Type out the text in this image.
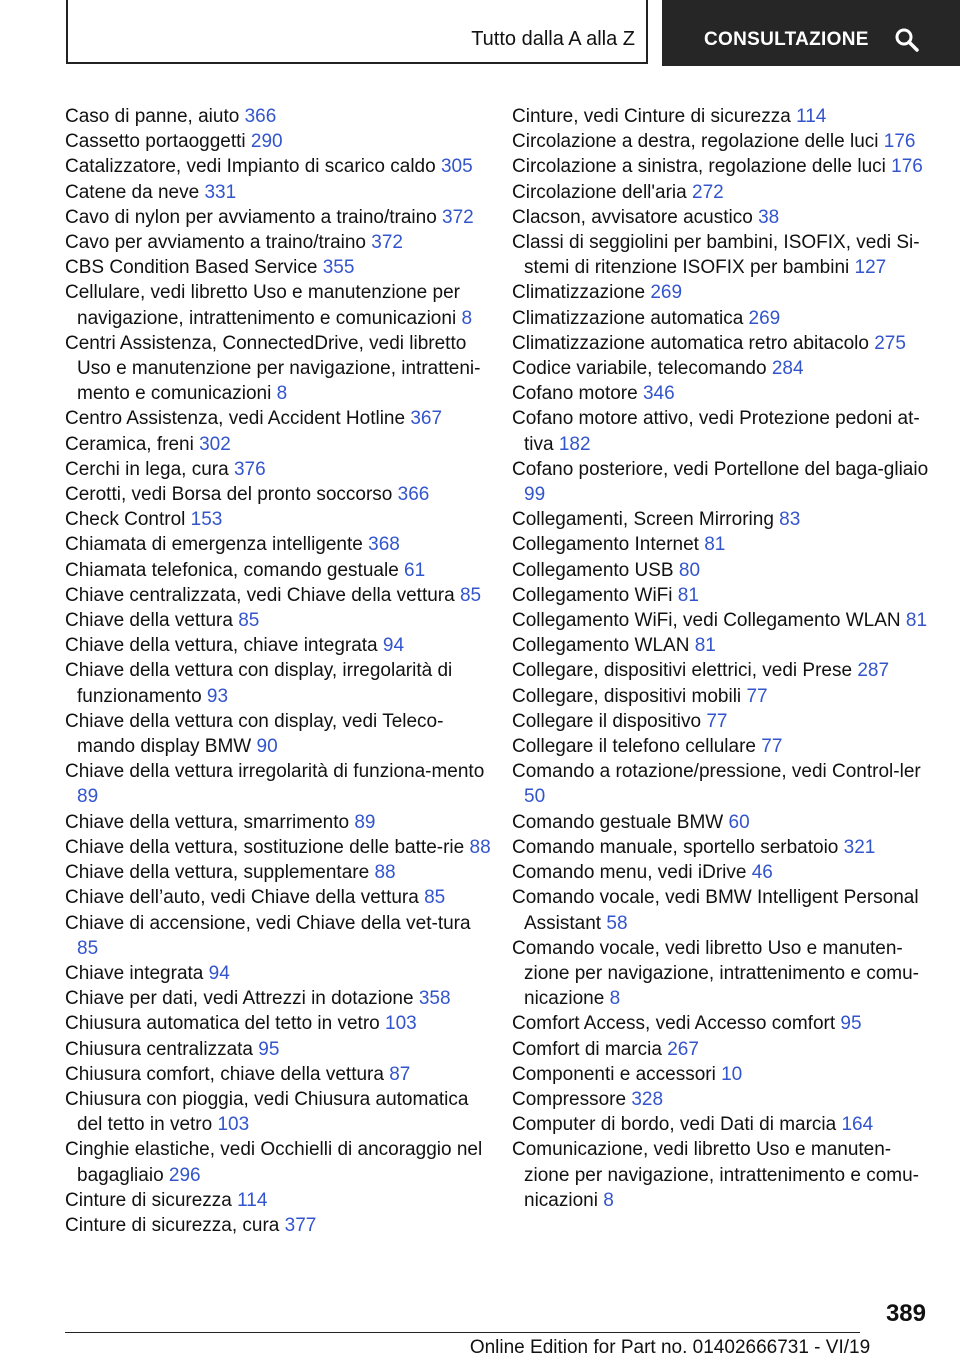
Tutto dalla A alla Z	CONSULTAZIONE
Caso di panne, aiuto 366
Cassetto portaoggetti 290
Catalizzatore, vedi Impianto di scarico caldo 305
Catene da neve 331
Cavo di nylon per avviamento a traino/traino 372
Cavo per avviamento a traino/traino 372
CBS Condition Based Service 355
Cellulare, vedi libretto Uso e manutenzione per navigazione, intrattenimento e comunicazioni 8
Centri Assistenza, ConnectedDrive, vedi libretto Uso e manutenzione per navigazione, intratteni-mento e comunicazioni 8
Centro Assistenza, vedi Accident Hotline 367
Ceramica, freni 302
Cerchi in lega, cura 376
Cerotti, vedi Borsa del pronto soccorso 366
Check Control 153
Chiamata di emergenza intelligente 368
Chiamata telefonica, comando gestuale 61
Chiave centralizzata, vedi Chiave della vettura 85
Chiave della vettura 85
Chiave della vettura, chiave integrata 94
Chiave della vettura con display, irregolarità di funzionamento 93
Chiave della vettura con display, vedi Teleco-mando display BMW 90
Chiave della vettura irregolarità di funziona-mento 89
Chiave della vettura, smarrimento 89
Chiave della vettura, sostituzione delle batte-rie 88
Chiave della vettura, supplementare 88
Chiave dell’auto, vedi Chiave della vettura 85
Chiave di accensione, vedi Chiave della vet-tura 85
Chiave integrata 94
Chiave per dati, vedi Attrezzi in dotazione 358
Chiusura automatica del tetto in vetro 103
Chiusura centralizzata 95
Chiusura comfort, chiave della vettura 87
Chiusura con pioggia, vedi Chiusura automatica del tetto in vetro 103
Cinghie elastiche, vedi Occhielli di ancoraggio nel bagagliaio 296
Cinture di sicurezza 114
Cinture di sicurezza, cura 377
Cinture, vedi Cinture di sicurezza 114
Circolazione a destra, regolazione delle luci 176
Circolazione a sinistra, regolazione delle luci 176
Circolazione dell'aria 272
Clacson, avvisatore acustico 38
Classi di seggiolini per bambini, ISOFIX, vedi Si-stemi di ritenzione ISOFIX per bambini 127
Climatizzazione 269
Climatizzazione automatica 269
Climatizzazione automatica retro abitacolo 275
Codice variabile, telecomando 284
Cofano motore 346
Cofano motore attivo, vedi Protezione pedoni at-tiva 182
Cofano posteriore, vedi Portellone del baga-gliaio 99
Collegamenti, Screen Mirroring 83
Collegamento Internet 81
Collegamento USB 80
Collegamento WiFi 81
Collegamento WiFi, vedi Collegamento WLAN 81
Collegamento WLAN 81
Collegare, dispositivi elettrici, vedi Prese 287
Collegare, dispositivi mobili 77
Collegare il dispositivo 77
Collegare il telefono cellulare 77
Comando a rotazione/pressione, vedi Control-ler 50
Comando gestuale BMW 60
Comando manuale, sportello serbatoio 321
Comando menu, vedi iDrive 46
Comando vocale, vedi BMW Intelligent Personal Assistant 58
Comando vocale, vedi libretto Uso e manuten-zione per navigazione, intrattenimento e comu-nicazione 8
Comfort Access, vedi Accesso comfort 95
Comfort di marcia 267
Componenti e accessori 10
Compressore 328
Computer di bordo, vedi Dati di marcia 164
Comunicazione, vedi libretto Uso e manuten-zione per navigazione, intrattenimento e comu-nicazioni 8
389
Online Edition for Part no. 01402666731 - VI/19
